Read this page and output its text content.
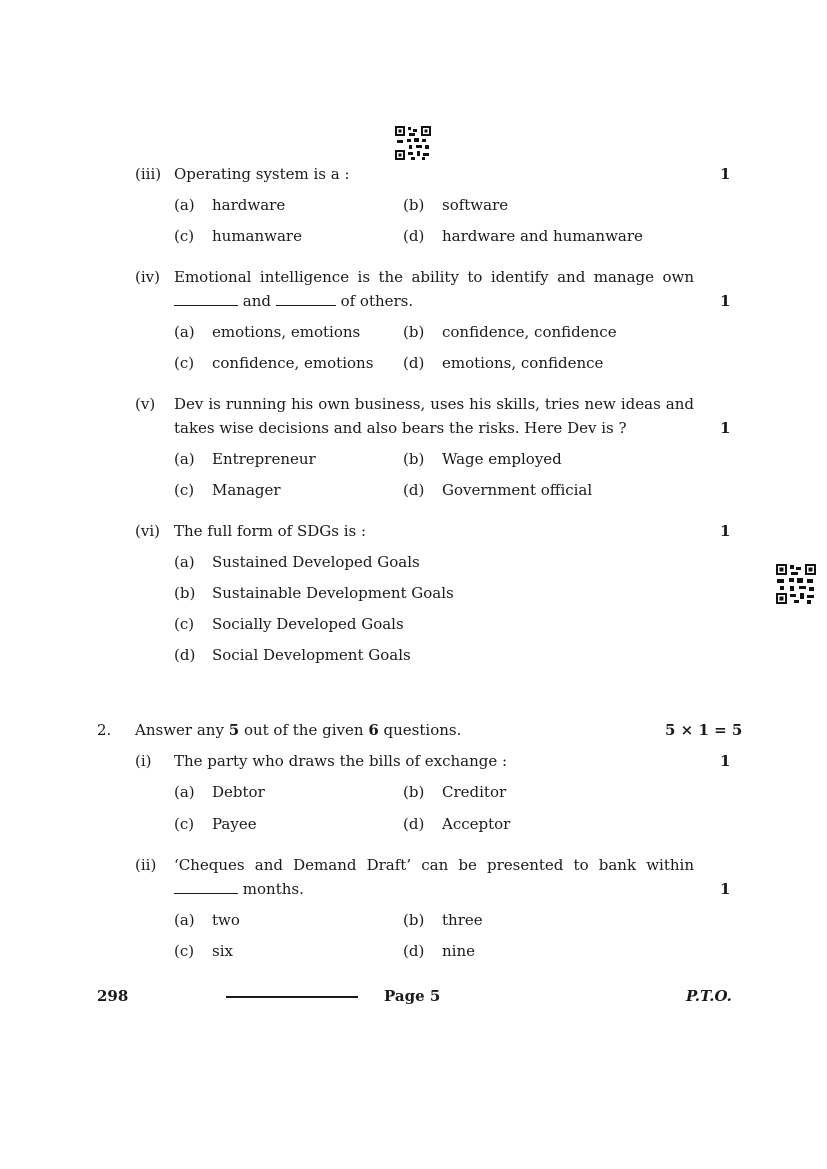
(iii) Operating system is a :	1
(a) hardware	(b) software
(c) humanware	(d) hardware and humanware
(iv) Emotional intelligence is the ability to identify and manage own
and	of others.	1
(a) emotions, emotions	(b) confidence, confidence
(c) confidence, emotions (d) emotions, confidence
(v) Dev is running his own business, uses his skills, tries new ideas and
takes wise decisions and also bears the risks. Here Dev is ?	1
(a) Entrepreneur	(b) Wage employed
(c) Manager	(d) Government official
(vi) The full form of SDGs is :	1
(a) Sustained Developed Goals
(b) Sustainable Development Goals
(c) Socially Developed Goals
(d) Social Development Goals
2. Answer any 5 out of the given 6 questions.	5 × 1 = 5
(i) The party who draws the bills of exchange :	1
(a) Debtor	(b) Creditor
(c) Payee	(d) Acceptor
(ii) ‘Cheques and Demand Draft’ can be presented to bank within
months.	1
(a) two	(b) three
(c) six	(d) nine
298	Page 5	P.T.O.
